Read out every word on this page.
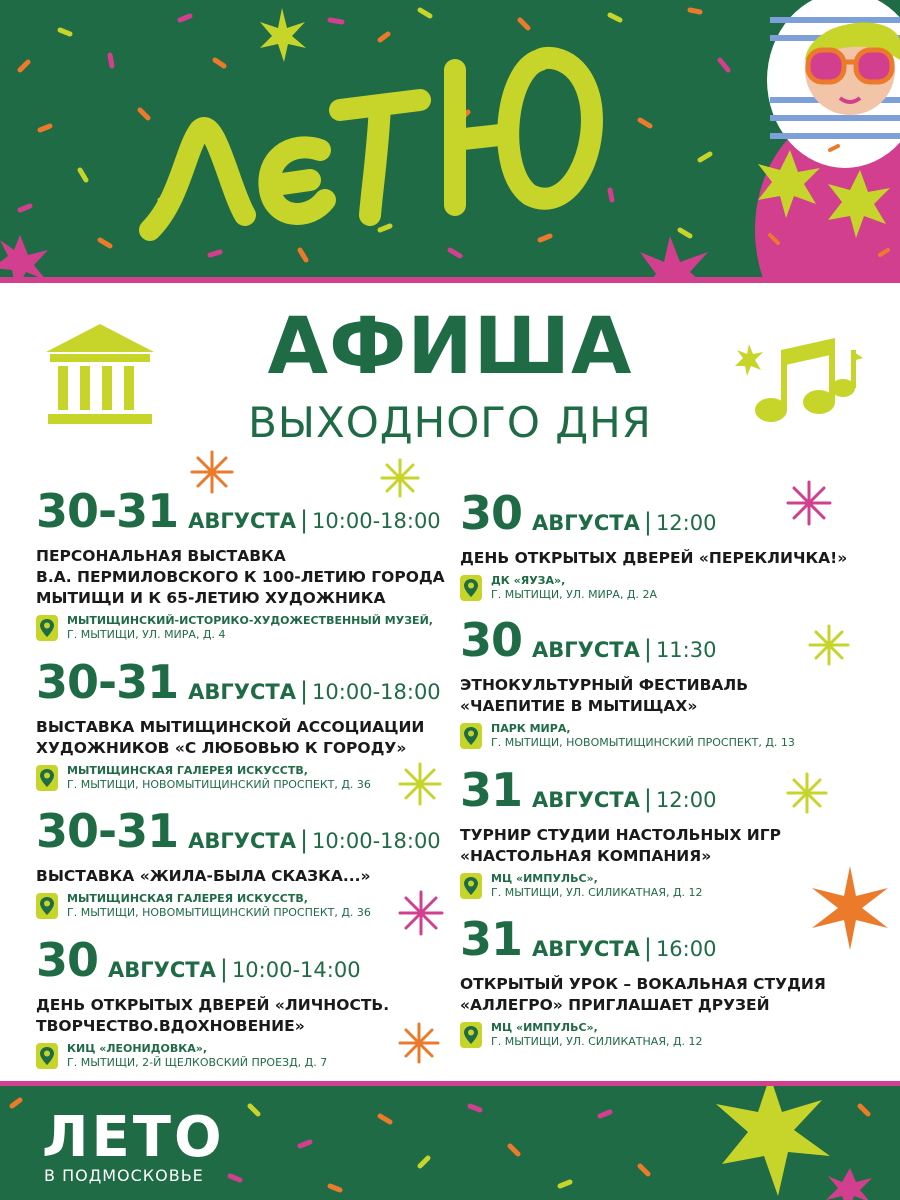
АФИША
ВЫХОДНОГО ДНЯ
30-31 АВГУСТА | 10:00-18:00
ПЕРСОНАЛЬНАЯ ВЫСТАВКА
В.А. ПЕРМИЛОВСКОГО К 100-ЛЕТИЮ ГОРОДА
МЫТИЩИ И К 65-ЛЕТИЮ ХУДОЖНИКА
МЫТИЩИНСКИЙ-ИСТОРИКО-ХУДОЖЕСТВЕННЫЙ МУЗЕЙ,
Г. МЫТИЩИ, УЛ. МИРА, Д. 4
30-31 АВГУСТА | 10:00-18:00
ВЫСТАВКА МЫТИЩИНСКОЙ АССОЦИАЦИИ
ХУДОЖНИКОВ «С ЛЮБОВЬЮ К ГОРОДУ»
МЫТИЩИНСКАЯ ГАЛЕРЕЯ ИСКУССТВ,
Г. МЫТИЩИ, НОВОМЫТИЩИНСКИЙ ПРОСПЕКТ, Д. 36
30-31 АВГУСТА | 10:00-18:00
ВЫСТАВКА «ЖИЛА-БЫЛА СКАЗКА...»
МЫТИЩИНСКАЯ ГАЛЕРЕЯ ИСКУССТВ,
Г. МЫТИЩИ, НОВОМЫТИЩИНСКИЙ ПРОСПЕКТ, Д. 36
30 АВГУСТА | 10:00-14:00
ДЕНЬ ОТКРЫТЫХ ДВЕРЕЙ «ЛИЧНОСТЬ.
ТВОРЧЕСТВО.ВДОХНОВЕНИЕ»
КИЦ «ЛЕОНИДОВКА»,
Г. МЫТИЩИ, 2-Й ЩЕЛКОВСКИЙ ПРОЕЗД, Д. 7
30 АВГУСТА | 12:00
ДЕНЬ ОТКРЫТЫХ ДВЕРЕЙ «ПЕРЕКЛИЧКА!»
ДК «ЯУЗА»,
Г. МЫТИЩИ, УЛ. МИРА, Д. 2А
30 АВГУСТА | 11:30
ЭТНОКУЛЬТУРНЫЙ ФЕСТИВАЛЬ
«ЧАЕПИТИЕ В МЫТИЩАХ»
ПАРК МИРА,
Г. МЫТИЩИ, НОВОМЫТИЩИНСКИЙ ПРОСПЕКТ, Д. 13
31 АВГУСТА | 12:00
ТУРНИР СТУДИИ НАСТОЛЬНЫХ ИГР
«НАСТОЛЬНАЯ КОМПАНИЯ»
МЦ «ИМПУЛЬС»,
Г. МЫТИЩИ, УЛ. СИЛИКАТНАЯ, Д. 12
31 АВГУСТА | 16:00
ОТКРЫТЫЙ УРОК – ВОКАЛЬНАЯ СТУДИЯ
«АЛЛЕГРО» ПРИГЛАШАЕТ ДРУЗЕЙ
МЦ «ИМПУЛЬС»,
Г. МЫТИЩИ, УЛ. СИЛИКАТНАЯ, Д. 12
ЛЕТО
В ПОДМОСКОВЬЕ
